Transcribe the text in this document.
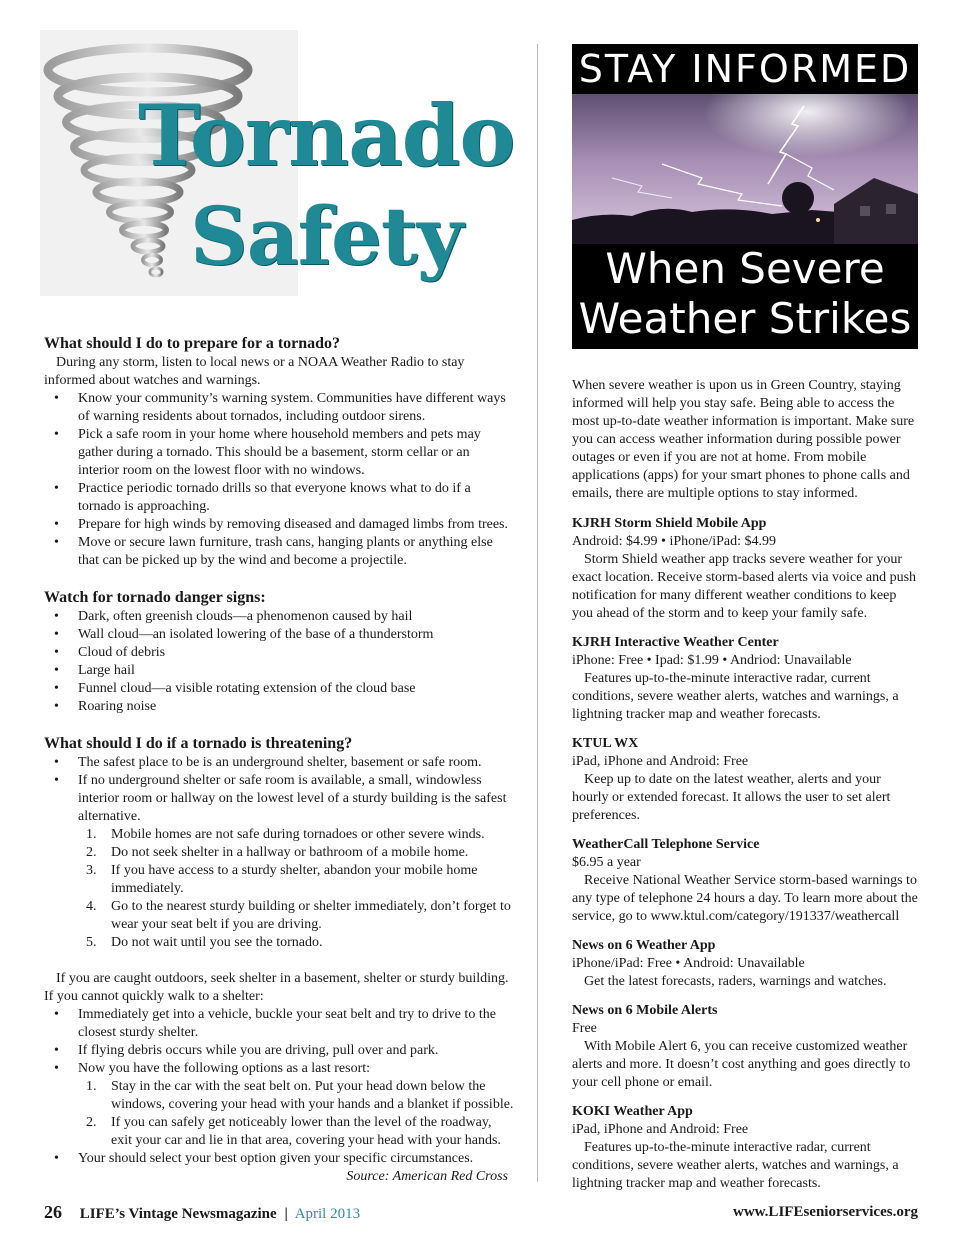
Tornado
Safety
What should I do to prepare for a tornado?

During any storm, listen to local news or a NOAA Weather Radio to stay informed about watches and warnings.

• Know your community’s warning system. Communities have different ways of warning residents about tornados, including outdoor sirens.
• Pick a safe room in your home where household members and pets may gather during a tornado. This should be a basement, storm cellar or an interior room on the lowest floor with no windows.
• Practice periodic tornado drills so that everyone knows what to do if a tornado is approaching.
• Prepare for high winds by removing diseased and damaged limbs from trees.
• Move or secure lawn furniture, trash cans, hanging plants or anything else that can be picked up by the wind and become a projectile.
Watch for tornado danger signs:
• Dark, often greenish clouds—a phenomenon caused by hail
• Wall cloud—an isolated lowering of the base of a thunderstorm
• Cloud of debris
• Large hail
• Funnel cloud—a visible rotating extension of the cloud base
• Roaring noise
What should I do if a tornado is threatening?
• The safest place to be is an underground shelter, basement or safe room.
• If no underground shelter or safe room is available, a small, windowless interior room or hallway on the lowest level of a sturdy building is the safest alternative.
1. Mobile homes are not safe during tornadoes or other severe winds.
2. Do not seek shelter in a hallway or bathroom of a mobile home.
3. If you have access to a sturdy shelter, abandon your mobile home immediately.
4. Go to the nearest sturdy building or shelter immediately, don’t forget to wear your seat belt if you are driving.
5. Do not wait until you see the tornado.

If you are caught outdoors, seek shelter in a basement, shelter or sturdy building. If you cannot quickly walk to a shelter:

• Immediately get into a vehicle, buckle your seat belt and try to drive to the closest sturdy shelter.
• If flying debris occurs while you are driving, pull over and park.
• Now you have the following options as a last resort:
1. Stay in the car with the seat belt on. Put your head down below the windows, covering your head with your hands and a blanket if possible.
2. If you can safely get noticeably lower than the level of the roadway, exit your car and lie in that area, covering your head with your hands.
• Your should select your best option given your specific circumstances.
Source: American Red Cross
STAY INFORMED
When Severe
Weather Strikes

When severe weather is upon us in Green Country, staying informed will help you stay safe. Being able to access the most up-to-date weather information is important. Make sure you can access weather information during possible power outages or even if you are not at home. From mobile applications (apps) for your smart phones to phone calls and emails, there are multiple options to stay informed.

KJRH Storm Shield Mobile App
Android: $4.99 • iPhone/iPad: $4.99

Storm Shield weather app tracks severe weather for your exact location. Receive storm-based alerts via voice and push notification for many different weather conditions to keep you ahead of the storm and to keep your family safe.

KJRH Interactive Weather Center
iPhone: Free • Ipad: $1.99 • Andriod: Unavailable

Features up-to-the-minute interactive radar, current conditions, severe weather alerts, watches and warnings, a lightning tracker map and weather forecasts.

KTUL WX
iPad, iPhone and Android: Free

Keep up to date on the latest weather, alerts and your hourly or extended forecast. It allows the user to set alert preferences.

WeatherCall Telephone Service
$6.95 a year

Receive National Weather Service storm-based warnings to any type of telephone 24 hours a day. To learn more about the service, go to www.ktul.com/category/191337/weathercall

News on 6 Weather App
iPhone/iPad: Free • Android: Unavailable

Get the latest forecasts, raders, warnings and watches.

News on 6 Mobile Alerts
Free

With Mobile Alert 6, you can receive customized weather alerts and more. It doesn’t cost anything and goes directly to your cell phone or email.

KOKI Weather App
iPad, iPhone and Android: Free

Features up-to-the-minute interactive radar, current conditions, severe weather alerts, watches and warnings, a lightning tracker map and weather forecasts.

26 LIFE’s Vintage Newsmagazine | April 2013	www.LIFEseniorservices.org
